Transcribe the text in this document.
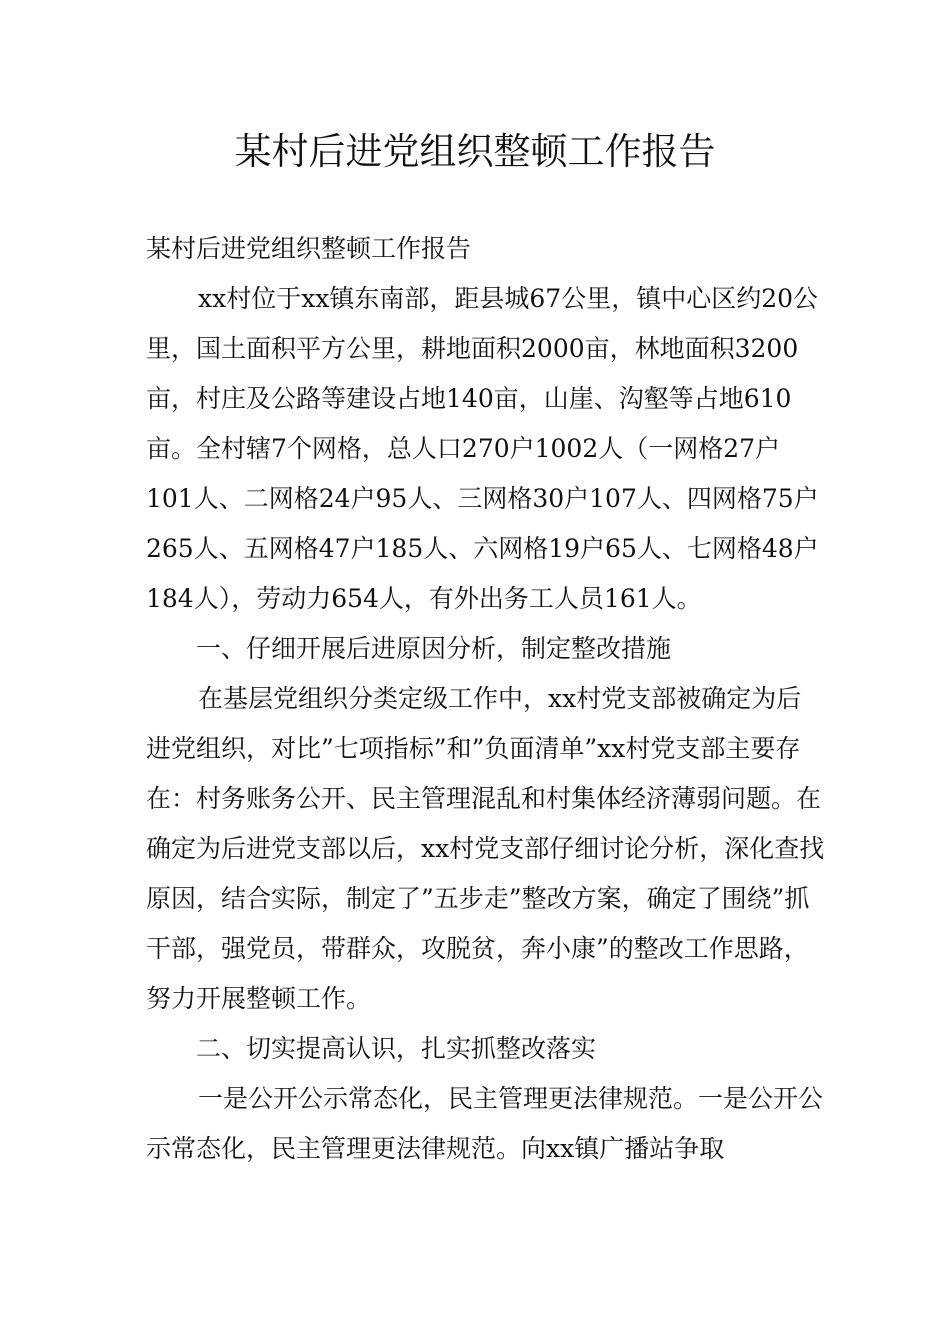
某村后进党组织整顿工作报告

某村后进党组织整顿工作报告

xx村位于xx镇东南部，距县城67公里，镇中心区约20公里，国土面积平方公里，耕地面积2000亩，林地面积3200亩，村庄及公路等建设占地140亩，山崖、沟壑等占地610亩。全村辖7个网格，总人口270户1002人（一网格27户101人、二网格24户95人、三网格30户107人、四网格75户265人、五网格47户185人、六网格19户65人、七网格48户 184人），劳动力654人，有外出务工人员161人。

一、仔细开展后进原因分析，制定整改措施

在基层党组织分类定级工作中，xx村党支部被确定为后进党组织，对比”七项指标”和”负面清单”xx村党支部主要存在：村务账务公开、民主管理混乱和村集体经济薄弱问题。在确定为后进党支部以后，xx村党支部仔细讨论分析，深化查找原因，结合实际，制定了”五步走”整改方案，确定了围绕”抓干部，强党员，带群众，攻脱贫，奔小康”的整改工作思路，努力开展整顿工作。

二、切实提高认识，扎实抓整改落实

一是公开公示常态化，民主管理更法律规范。一是公开公示常态化，民主管理更法律规范。向xx镇广播站争取
